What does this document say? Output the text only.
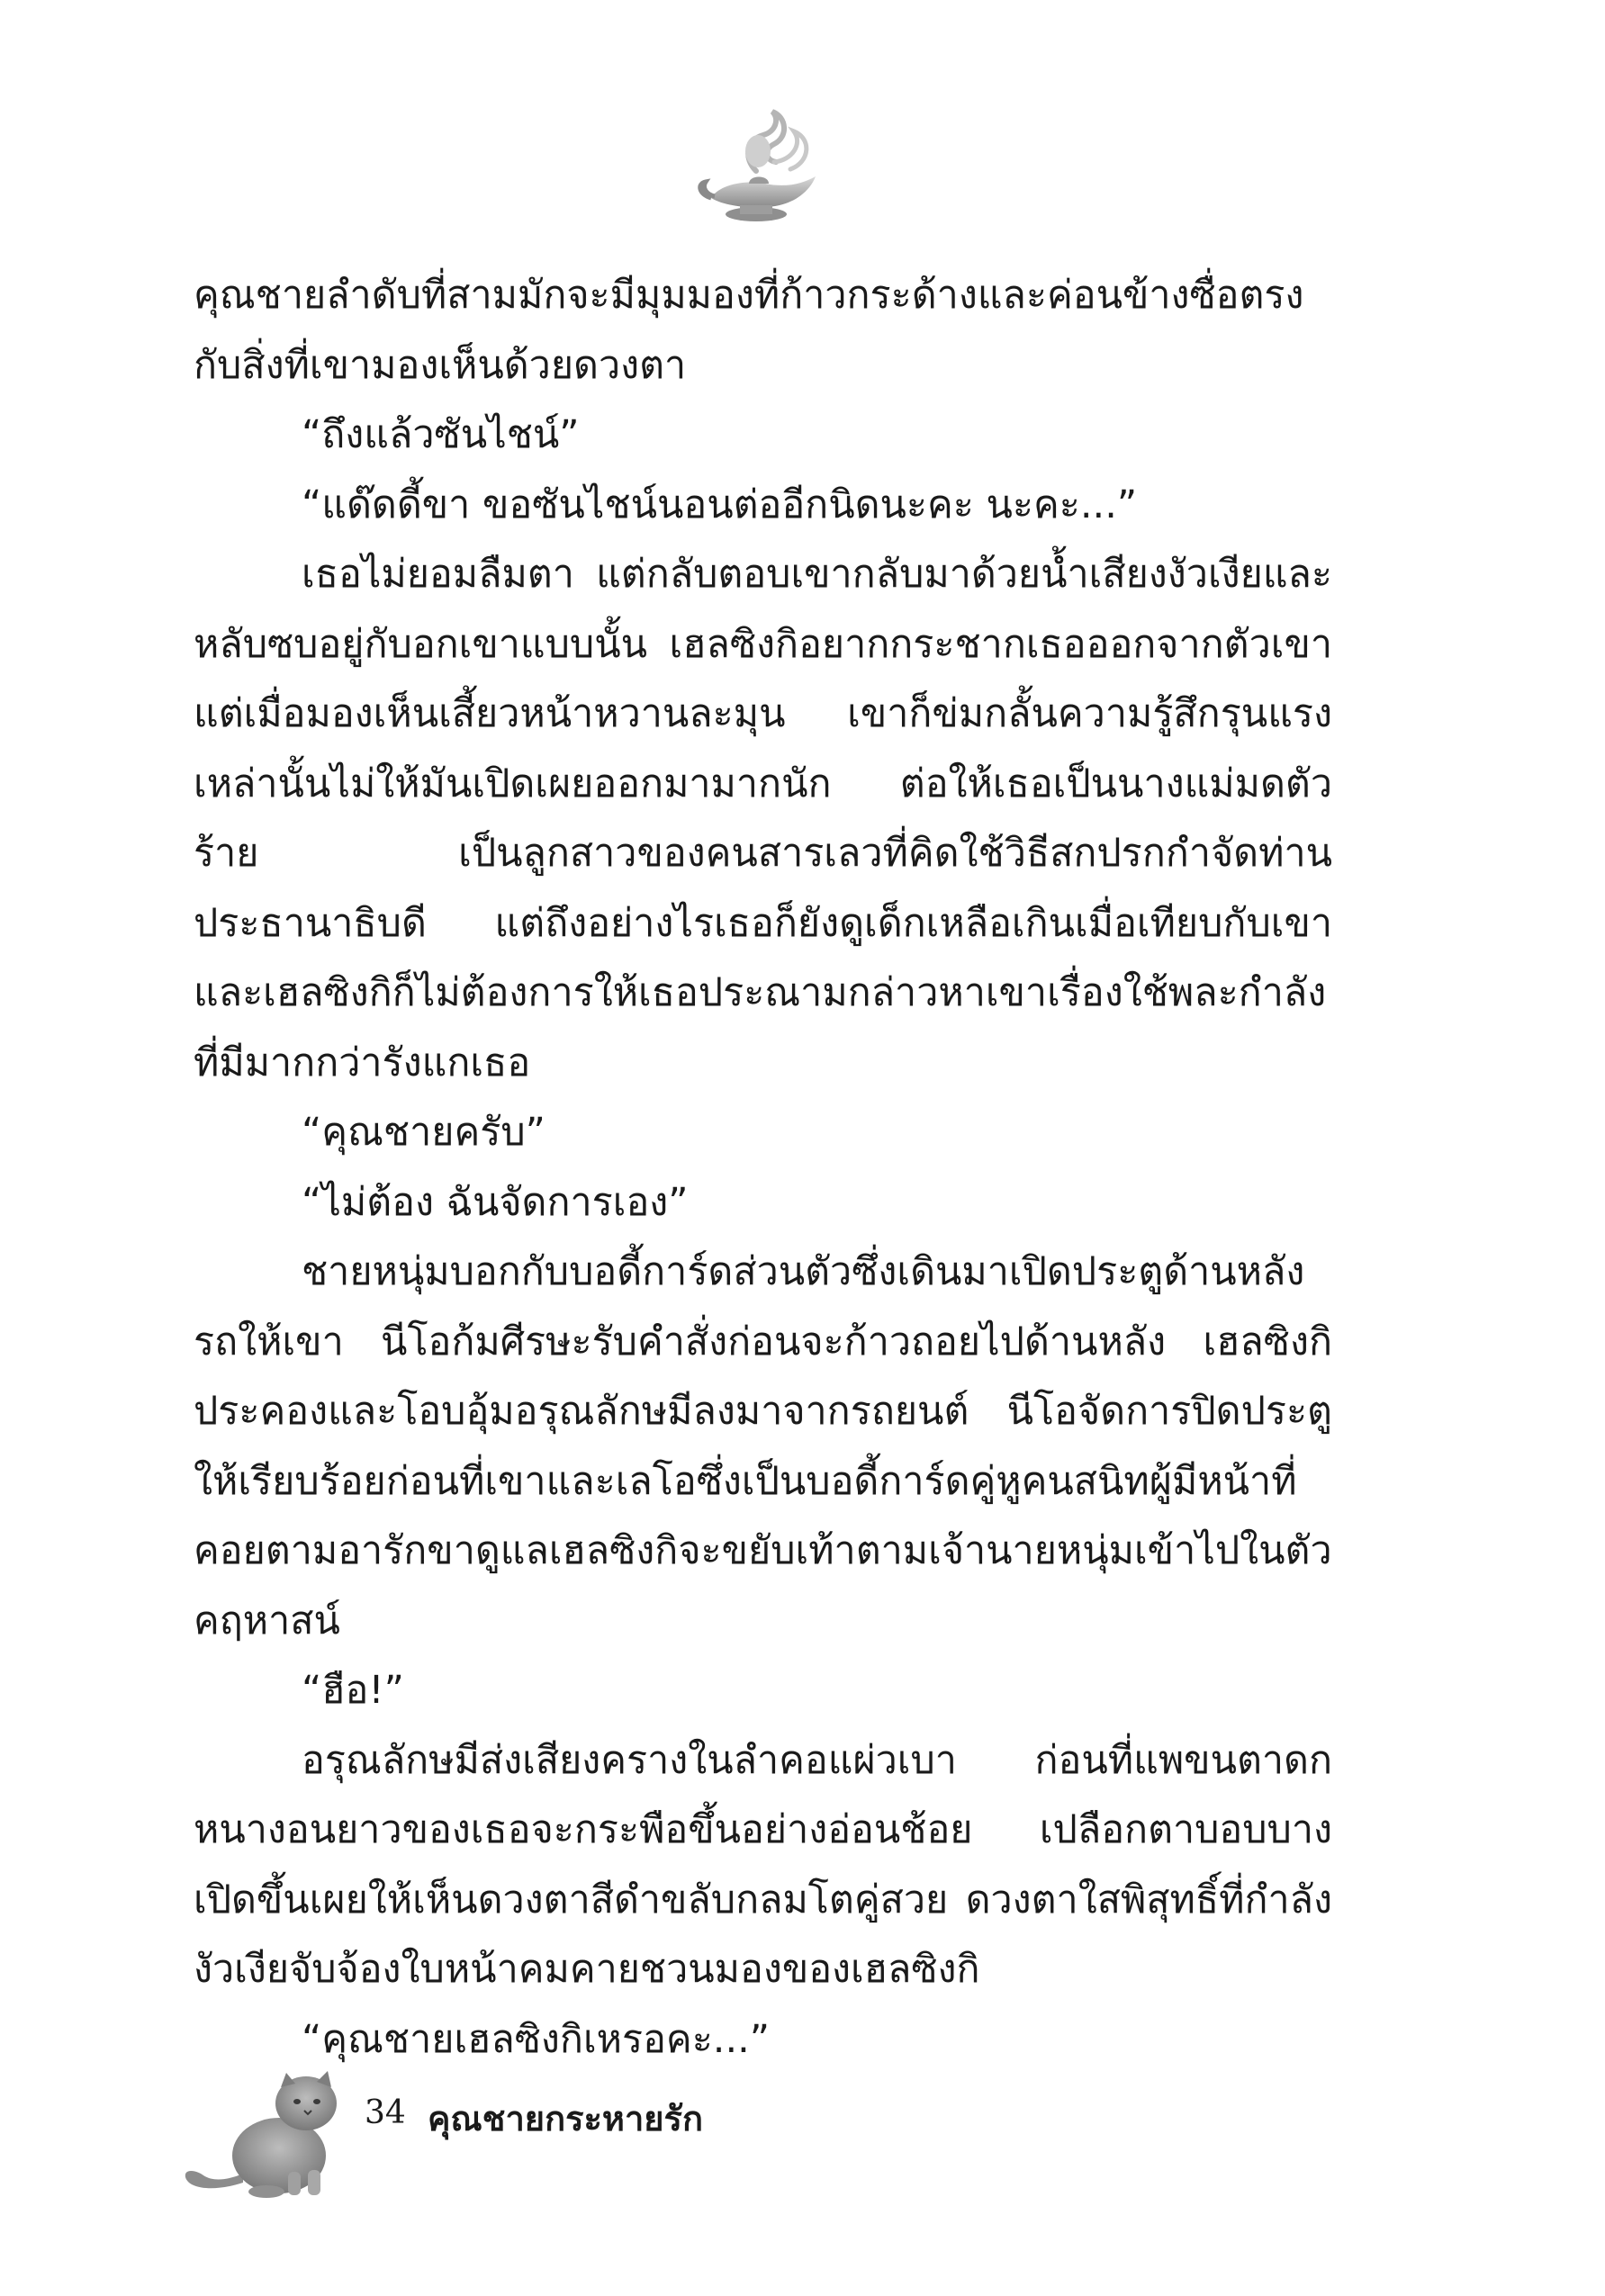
คุณชายลำดับที่สามมักจะมีมุมมองที่ก้าวกระด้างและค่อนข้างซื่อตรงกับสิ่งที่เขามองเห็นด้วยดวงตา

“ถึงแล้วซันไชน์”

“แด๊ดดี้ขา ขอซันไชน์นอนต่ออีกนิดนะคะ นะคะ...”

เธอไม่ยอมลืมตา แต่กลับตอบเขากลับมาด้วยน้ำเสียงงัวเงียและหลับซบอยู่กับอกเขาแบบนั้น เฮลซิงกิอยากกระชากเธอออกจากตัวเขา แต่เมื่อมองเห็นเสี้ยวหน้าหวานละมุน เขาก็ข่มกลั้นความรู้สึกรุนแรงเหล่านั้นไม่ให้มันเปิดเผยออกมามากนัก ต่อให้เธอเป็นนางแม่มดตัวร้าย เป็นลูกสาวของคนสารเลวที่คิดใช้วิธีสกปรกกำจัดท่านประธานาธิบดี แต่ถึงอย่างไรเธอก็ยังดูเด็กเหลือเกินเมื่อเทียบกับเขา และเฮลซิงกิก็ไม่ต้องการให้เธอประณามกล่าวหาเขาเรื่องใช้พละกำลังที่มีมากกว่ารังแกเธอ

“คุณชายครับ”

“ไม่ต้อง ฉันจัดการเอง”

ชายหนุ่มบอกกับบอดี้การ์ดส่วนตัวซึ่งเดินมาเปิดประตูด้านหลังรถให้เขา นีโอก้มศีรษะรับคำสั่งก่อนจะก้าวถอยไปด้านหลัง เฮลซิงกิประคองและโอบอุ้มอรุณลักษมีลงมาจากรถยนต์ นีโอจัดการปิดประตูให้เรียบร้อยก่อนที่เขาและเลโอซึ่งเป็นบอดี้การ์ดคู่หูคนสนิทผู้มีหน้าที่คอยตามอารักขาดูแลเฮลซิงกิจะขยับเท้าตามเจ้านายหนุ่มเข้าไปในตัวคฤหาสน์

“ฮือ!”

อรุณลักษมีส่งเสียงครางในลำคอแผ่วเบา ก่อนที่แพขนตาดกหนางอนยาวของเธอจะกระพือขึ้นอย่างอ่อนช้อย เปลือกตาบอบบางเปิดขึ้นเผยให้เห็นดวงตาสีดำขลับกลมโตคู่สวย ดวงตาใสพิสุทธิ์ที่กำลังงัวเงียจับจ้องใบหน้าคมคายชวนมองของเฮลซิงกิ

“คุณชายเฮลซิงกิเหรอคะ...”

34 คุณชายกระหายรัก
